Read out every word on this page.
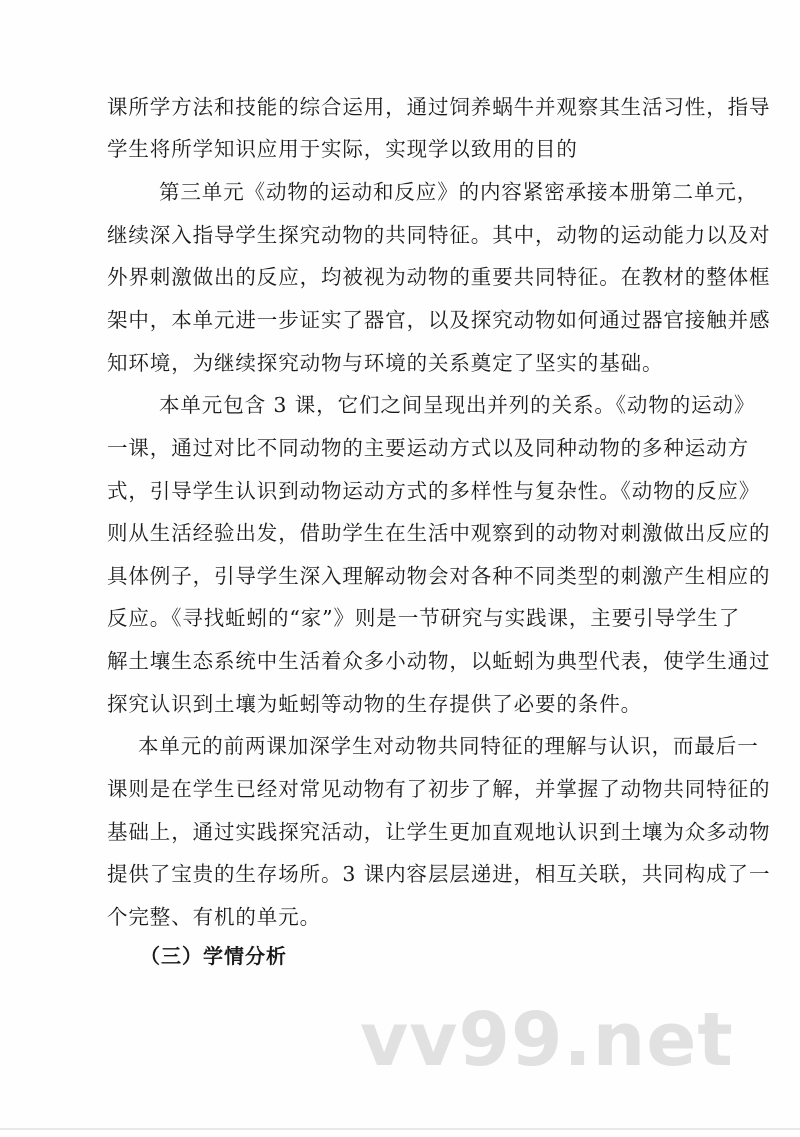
课所学方法和技能的综合运用，通过饲养蜗牛并观察其生活习性，指导
学生将所学知识应用于实际，实现学以致用的目的
第三单元《动物的运动和反应》的内容紧密承接本册第二单元，
继续深入指导学生探究动物的共同特征。其中，动物的运动能力以及对
外界刺激做出的反应，均被视为动物的重要共同特征。在教材的整体框
架中，本单元进一步证实了器官，以及探究动物如何通过器官接触并感
知环境，为继续探究动物与环境的关系奠定了坚实的基础。
本单元包含 3 课，它们之间呈现出并列的关系。《动物的运动》
一课，通过对比不同动物的主要运动方式以及同种动物的多种运动方
式，引导学生认识到动物运动方式的多样性与复杂性。《动物的反应》
则从生活经验出发，借助学生在生活中观察到的动物对刺激做出反应的
具体例子，引导学生深入理解动物会对各种不同类型的刺激产生相应的
反应。《寻找蚯蚓的“家”》则是一节研究与实践课，主要引导学生了
解土壤生态系统中生活着众多小动物，以蚯蚓为典型代表，使学生通过
探究认识到土壤为蚯蚓等动物的生存提供了必要的条件。
本单元的前两课加深学生对动物共同特征的理解与认识，而最后一
课则是在学生已经对常见动物有了初步了解，并掌握了动物共同特征的
基础上，通过实践探究活动，让学生更加直观地认识到土壤为众多动物
提供了宝贵的生存场所。3 课内容层层递进，相互关联，共同构成了一
个完整、有机的单元。
（三）学情分析
vv99.net
